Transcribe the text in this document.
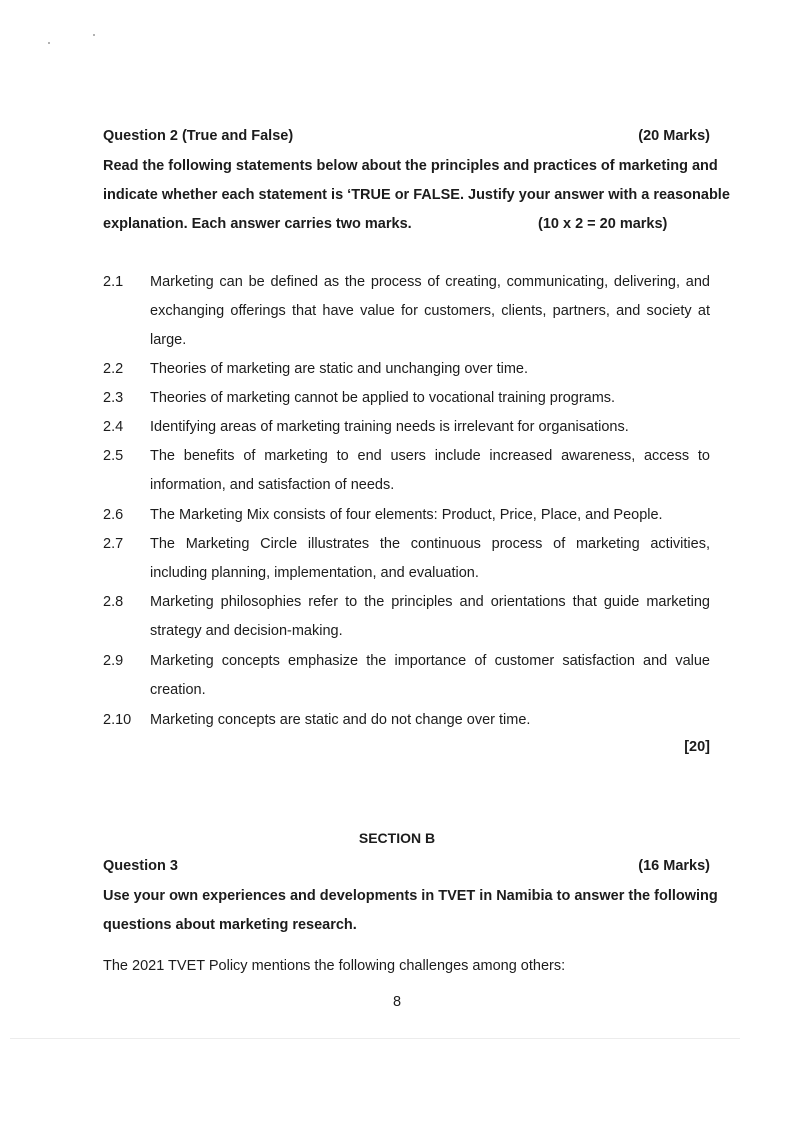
Question 2 (True and False)	(20 Marks)
Read the following statements below about the principles and practices of marketing and
indicate whether each statement is ‘TRUE or FALSE. Justify your answer with a reasonable
explanation. Each answer carries two marks.	(10 x 2 = 20 marks)
2.1 Marketing can be defined as the process of creating, communicating, delivering, and exchanging offerings that have value for customers, clients, partners, and society at large.
2.2 Theories of marketing are static and unchanging over time.
2.3 Theories of marketing cannot be applied to vocational training programs.
2.4 Identifying areas of marketing training needs is irrelevant for organisations.
2.5 The benefits of marketing to end users include increased awareness, access to information, and satisfaction of needs.
2.6 The Marketing Mix consists of four elements: Product, Price, Place, and People.
2.7 The Marketing Circle illustrates the continuous process of marketing activities, including planning, implementation, and evaluation.
2.8 Marketing philosophies refer to the principles and orientations that guide marketing strategy and decision-making.
2.9 Marketing concepts emphasize the importance of customer satisfaction and value creation.
2.10 Marketing concepts are static and do not change over time.
[20]
SECTION B
Question 3	(16 Marks)
Use your own experiences and developments in TVET in Namibia to answer the following
questions about marketing research.
The 2021 TVET Policy mentions the following challenges among others:
8
